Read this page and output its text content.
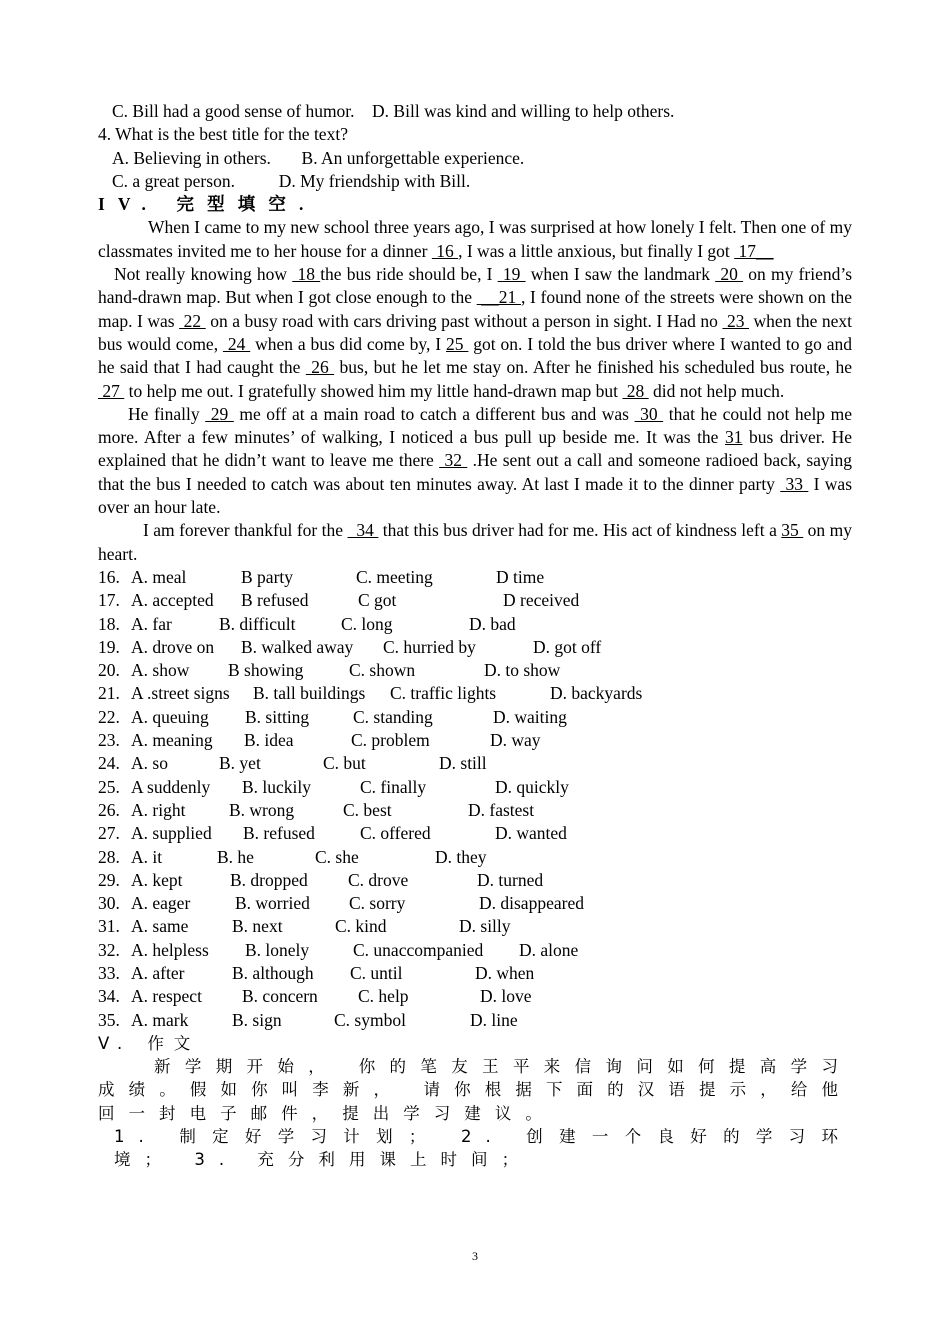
C. Bill had a good sense of humor.    D. Bill was kind and willing to help others.
4. What is the best title for the text?
A. Believing in others.       B. An unforgettable experience.
C. a great person.          D. My friendship with Bill.
IV. 完型填空.
When I came to my new school three years ago, I was surprised at how lonely I felt. Then one of my classmates invited me to her house for a dinner  16 , I was a little anxious, but finally I got  17__
Not really knowing how  18 the bus ride should be, I  19  when I saw the landmark  20  on my friend’s hand-drawn map. But when I got close enough to the  __21 , I found none of the streets were shown on the map. I was  22  on a busy road with cars driving past without a person in sight. I Had no  23  when the next bus would come,  24  when a bus did come by, I 25  got on. I told the bus driver where I wanted to go and he said that I had caught the  26  bus, but he let me stay on. After he finished his scheduled bus route, he  27  to help me out. I gratefully showed him my little hand-drawn map but  28  did not help much.
He finally  29  me off at a main road to catch a different bus and was  30  that he could not help me more. After a few minutes’ of walking, I noticed a bus pull up beside me. It was the 31 bus driver. He explained that he didn’t want to leave me there  32  .He sent out a call and someone radioed back, saying that the bus I needed to catch was about ten minutes away. At last I made it to the dinner party  33  I was over an hour late.
I am forever thankful for the   34  that this bus driver had for me. His act of kindness left a 35  on my heart.
16. A. meal	B party	C. meeting	D time
17. A. accepted B refused	C got	D received
18. A. far	B. difficult	C. long	D. bad
19. A. drove on B. walked away C. hurried by	D. got off
20. A. show B showing	C. shown	D. to show
21. A .street signs B. tall buildings C. traffic lights	D. backyards
22. A. queuing B. sitting	C. standing	D. waiting
23. A. meaning B. idea	C. problem	D. way
24. A. so	B. yet	C. but	D. still
25. A suddenly B. luckily	C. finally	D. quickly
26. A. right B. wrong	C. best	D. fastest
27. A. supplied B. refused	C. offered	D. wanted
28. A. it	B. he	C. she	D. they
29. A. kept	B. dropped C. drove	D. turned
30. A. eager	B. worried C. sorry	D. disappeared
31. A. same B. next	C. kind	D. silly
32. A. helpless B. lonely	C. unaccompanied D. alone
33. A. after	B. although C. until	D. when
34. A. respect B. concern C. help	D. love
35. A. mark B. sign	C. symbol	D. line
V. 作文
新学期开始， 你的笔友王平来信询问如何提高学习成绩。假如你叫李新， 请你根据下面的汉语提示，给他回一封电子邮件，提出学习建议。
1. 制定好学习计划； 2. 创建一个良好的学习环境； 3. 充分利用课上时间；
3
